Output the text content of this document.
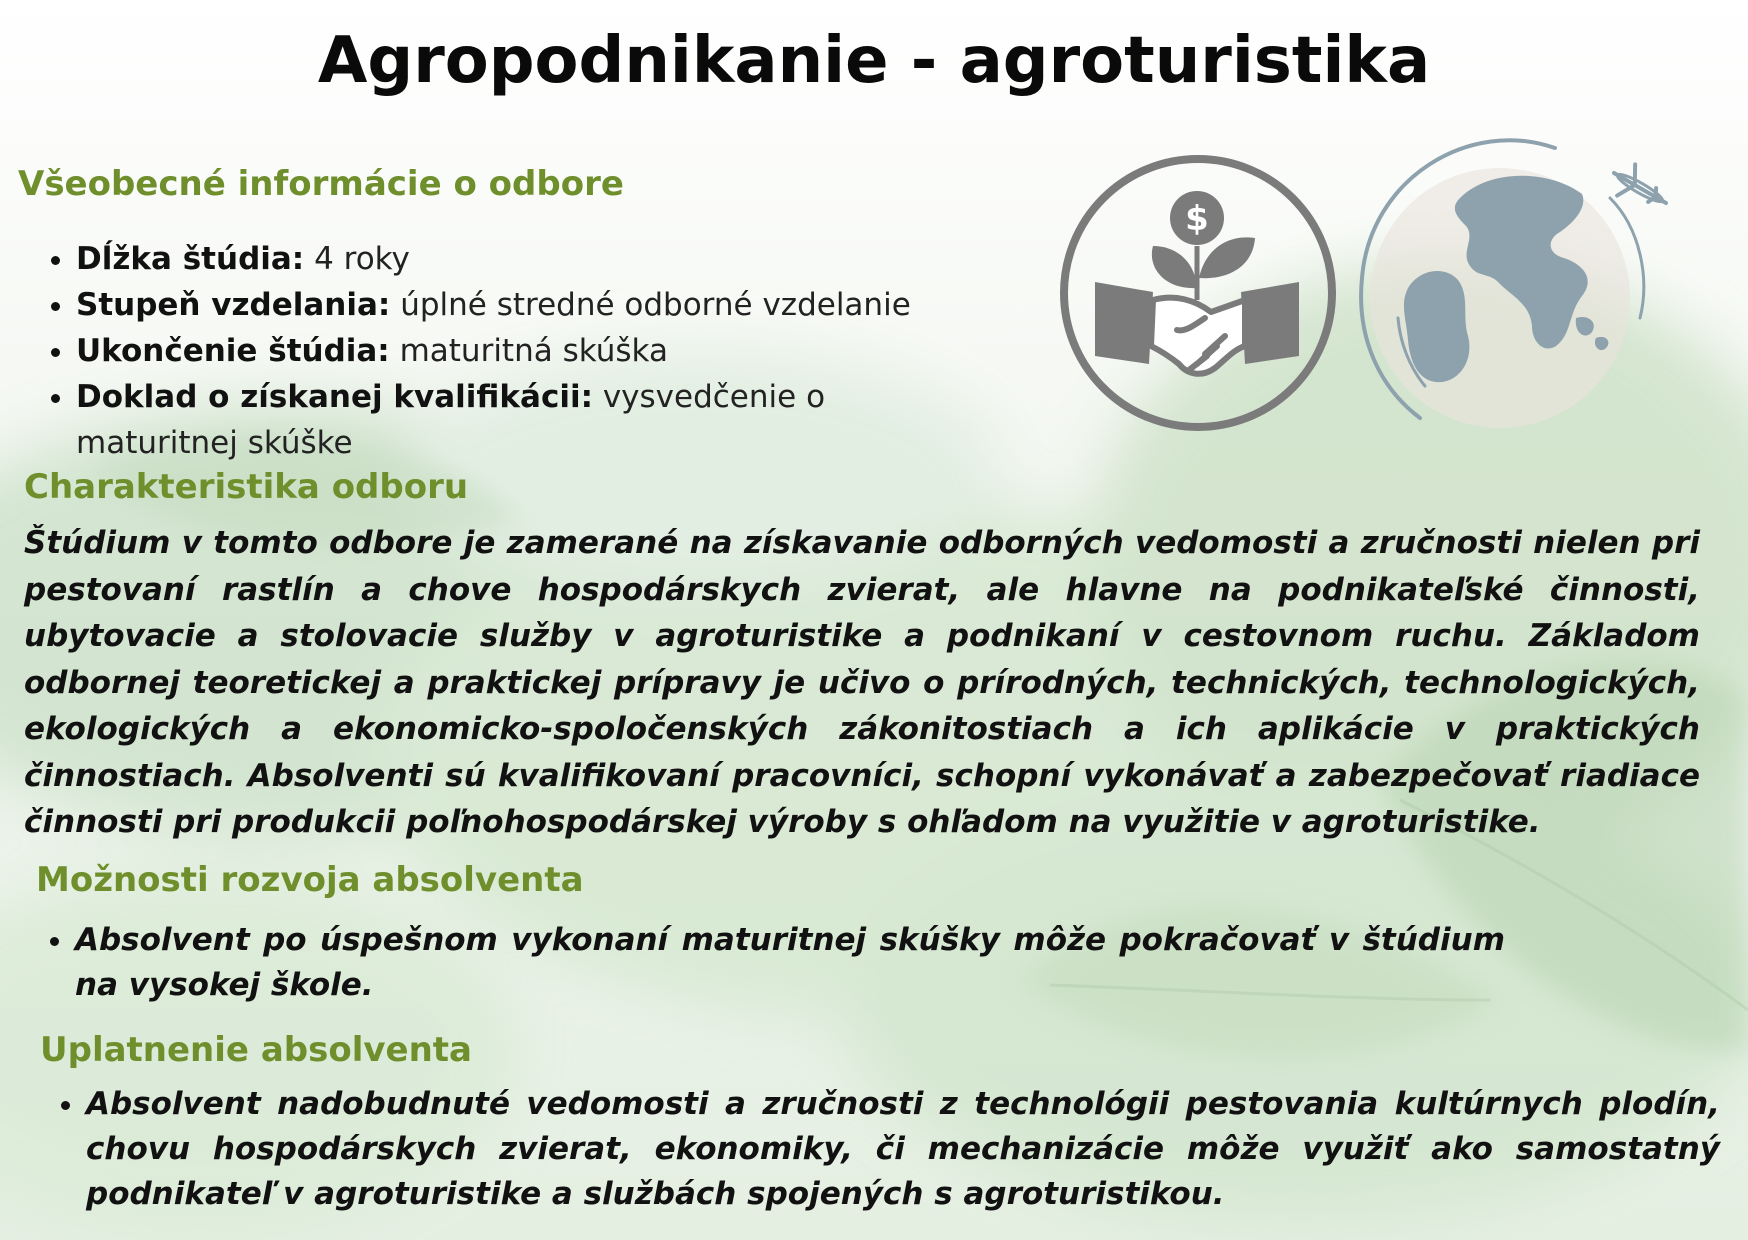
Agropodnikanie - agroturistika
Všeobecné informácie o odbore
• Dĺžka štúdia: 4 roky
• Stupeň vzdelania: úplné stredné odborné vzdelanie
• Ukončenie štúdia: maturitná skúška
• Doklad o získanej kvalifikácii: vysvedčenie o maturitnej skúške
$
Charakteristika odboru

Štúdium v tomto odbore je zamerané na získavanie odborných vedomosti a zručnosti nielen pri pestovaní rastlín a chove hospodárskych zvierat, ale hlavne na podnikateľské činnosti, ubytovacie a stolovacie služby v agroturistike a podnikaní v cestovnom ruchu. Základom odbornej teoretickej a praktickej prípravy je učivo o prírodných, technických, technologických, ekologických a ekonomicko-spoločenských zákonitostiach a ich aplikácie v praktických činnostiach. Absolventi sú kvalifikovaní pracovníci, schopní vykonávať a zabezpečovať riadiace činnosti pri produkcii poľnohospodárskej výroby s ohľadom na využitie v agroturistike.

Možnosti rozvoja absolventa
• Absolvent po úspešnom vykonaní maturitnej skúšky môže pokračovať v štúdium na vysokej škole.
Uplatnenie absolventa
• Absolvent nadobudnuté vedomosti a zručnosti z technológii pestovania kultúrnych plodín, chovu hospodárskych zvierat, ekonomiky, či mechanizácie môže využiť ako samostatný podnikateľ v agroturistike a službách spojených s agroturistikou.
